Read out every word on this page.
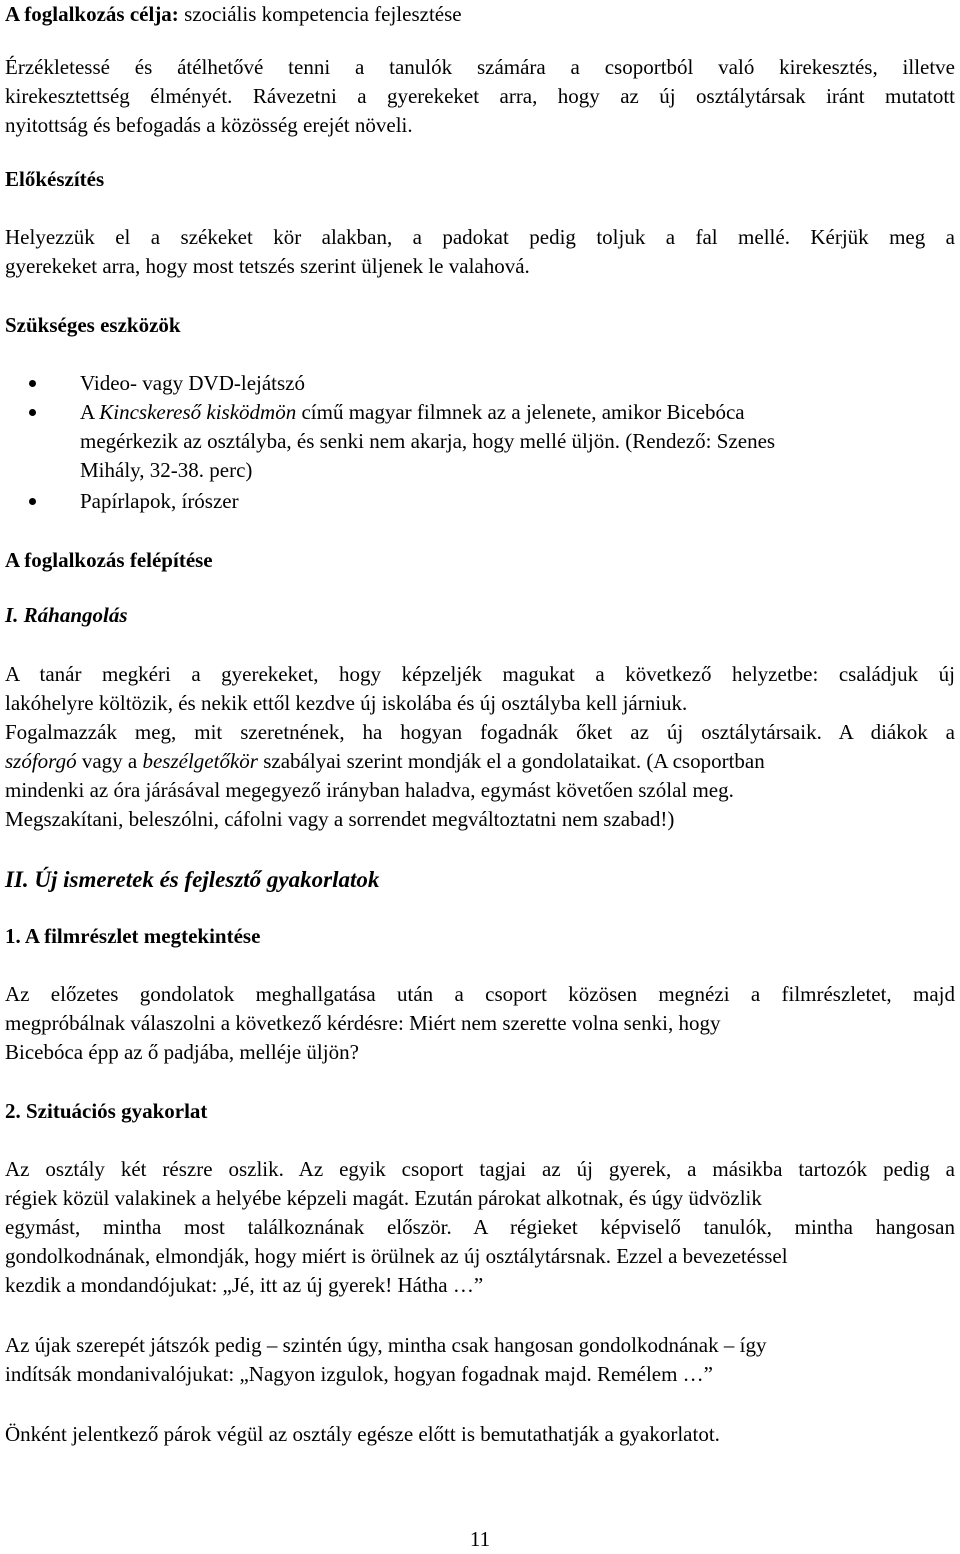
A foglalkozás célja: szociális kompetencia fejlesztése
Érzékletessé és átélhetővé tenni a tanulók számára a csoportból való kirekesztés, illetve
kirekesztettség élményét. Rávezetni a gyerekeket arra, hogy az új osztálytársak iránt mutatott
nyitottság és befogadás a közösség erejét növeli.
Előkészítés
Helyezzük el a székeket kör alakban, a padokat pedig toljuk a fal mellé. Kérjük meg a
gyerekeket arra, hogy most tetszés szerint üljenek le valahová.
Szükséges eszközök
Video- vagy DVD-lejátszó
A Kincskereső kisködmön című magyar filmnek az a jelenete, amikor Bicebóca
megérkezik az osztályba, és senki nem akarja, hogy mellé üljön. (Rendező: Szenes
Mihály, 32-38. perc)
Papírlapok, írószer
A foglalkozás felépítése
I. Ráhangolás
A tanár megkéri a gyerekeket, hogy képzeljék magukat a következő helyzetbe: családjuk új
lakóhelyre költözik, és nekik ettől kezdve új iskolába és új osztályba kell járniuk.
Fogalmazzák meg, mit szeretnének, ha hogyan fogadnák őket az új osztálytársaik. A diákok a
szóforgó vagy a beszélgetőkör szabályai szerint mondják el a gondolataikat. (A csoportban
mindenki az óra járásával megegyező irányban haladva, egymást követően szólal meg.
Megszakítani, beleszólni, cáfolni vagy a sorrendet megváltoztatni nem szabad!)
II. Új ismeretek és fejlesztő gyakorlatok
1. A filmrészlet megtekintése
Az előzetes gondolatok meghallgatása után a csoport közösen megnézi a filmrészletet, majd
megpróbálnak válaszolni a következő kérdésre: Miért nem szerette volna senki, hogy
Bicebóca épp az ő padjába, melléje üljön?
2. Szituációs gyakorlat
Az osztály két részre oszlik. Az egyik csoport tagjai az új gyerek, a másikba tartozók pedig a
régiek közül valakinek a helyébe képzeli magát. Ezután párokat alkotnak, és úgy üdvözlik
egymást, mintha most találkoznának először. A régieket képviselő tanulók, mintha hangosan
gondolkodnának, elmondják, hogy miért is örülnek az új osztálytársnak. Ezzel a bevezetéssel
kezdik a mondandójukat: „Jé, itt az új gyerek! Hátha …”
Az újak szerepét játszók pedig – szintén úgy, mintha csak hangosan gondolkodnának – így
indítsák mondanivalójukat: „Nagyon izgulok, hogyan fogadnak majd. Remélem …”
Önként jelentkező párok végül az osztály egésze előtt is bemutathatják a gyakorlatot.
11
